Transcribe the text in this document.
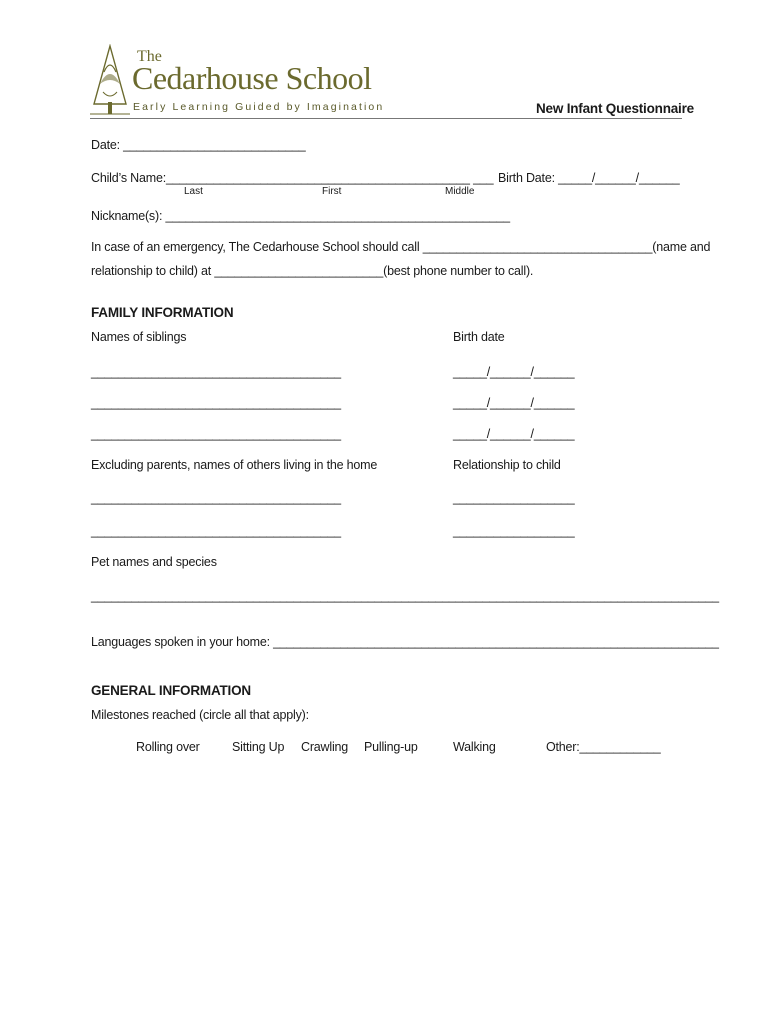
The
Cedarhouse School
Early Learning Guided by Imagination	New Infant Questionnaire
Date: ___________________________
Child’s Name:_____________________________________________ ___ Birth Date: _____/______/______
Last	First	Middle
Nickname(s): ___________________________________________________
In case of an emergency, The Cedarhouse School should call __________________________________(name and
relationship to child) at _________________________(best phone number to call).
FAMILY INFORMATION
Names of siblings	Birth date
_____________________________________	_____/______/______
_____________________________________	_____/______/______
_____________________________________	_____/______/______
Excluding parents, names of others living in the home	Relationship to child
_____________________________________	__________________
_____________________________________	__________________
Pet names and species
_____________________________________________________________________________________________
Languages spoken in your home: __________________________________________________________________
GENERAL INFORMATION
Milestones reached (circle all that apply):
Rolling over	Sitting Up Crawling Pulling-up	Walking	Other:____________
